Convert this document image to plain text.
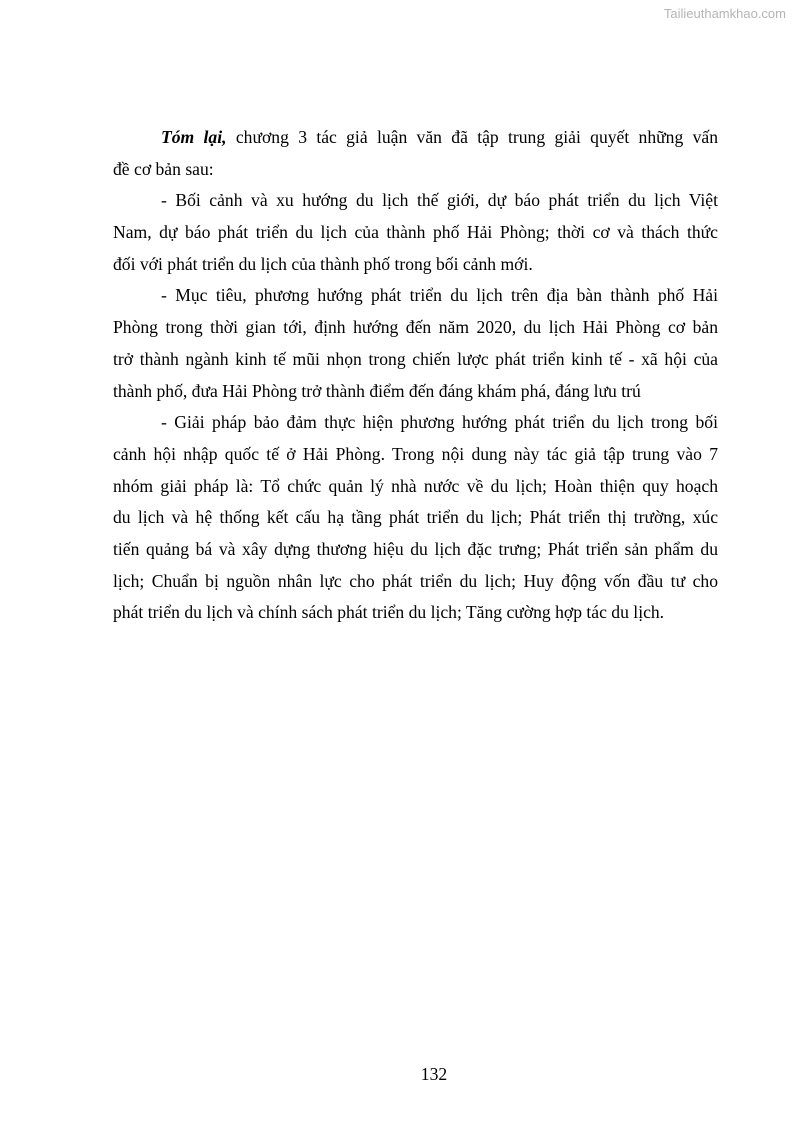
Tailieuthamkhao.com
Tóm lại, chương 3 tác giả luận văn đã tập trung giải quyết những vấn
đề cơ bản sau:
- Bối cảnh và xu hướng du lịch thế giới, dự báo phát triển du lịch Việt
Nam, dự báo phát triển du lịch của thành phố Hải Phòng; thời cơ và thách thức
đối với phát triển du lịch của thành phố trong bối cảnh mới.
- Mục tiêu, phương hướng phát triển du lịch trên địa bàn thành phố Hải
Phòng trong thời gian tới, định hướng đến năm 2020, du lịch Hải Phòng cơ bản
trở thành ngành kinh tế mũi nhọn trong chiến lược phát triển kinh tế - xã hội của
thành phố, đưa Hải Phòng trở thành điểm đến đáng khám phá, đáng lưu trú
- Giải pháp bảo đảm thực hiện phương hướng phát triển du lịch trong bối
cảnh hội nhập quốc tế ở Hải Phòng. Trong nội dung này tác giả tập trung vào 7
nhóm giải pháp là: Tổ chức quản lý nhà nước về du lịch; Hoàn thiện quy hoạch
du lịch và hệ thống kết cấu hạ tầng phát triển du lịch; Phát triển thị trường, xúc
tiến quảng bá và xây dựng thương hiệu du lịch đặc trưng; Phát triển sản phẩm du
lịch; Chuẩn bị nguồn nhân lực cho phát triển du lịch; Huy động vốn đầu tư cho
phát triển du lịch và chính sách phát triển du lịch; Tăng cường hợp tác du lịch.
132
